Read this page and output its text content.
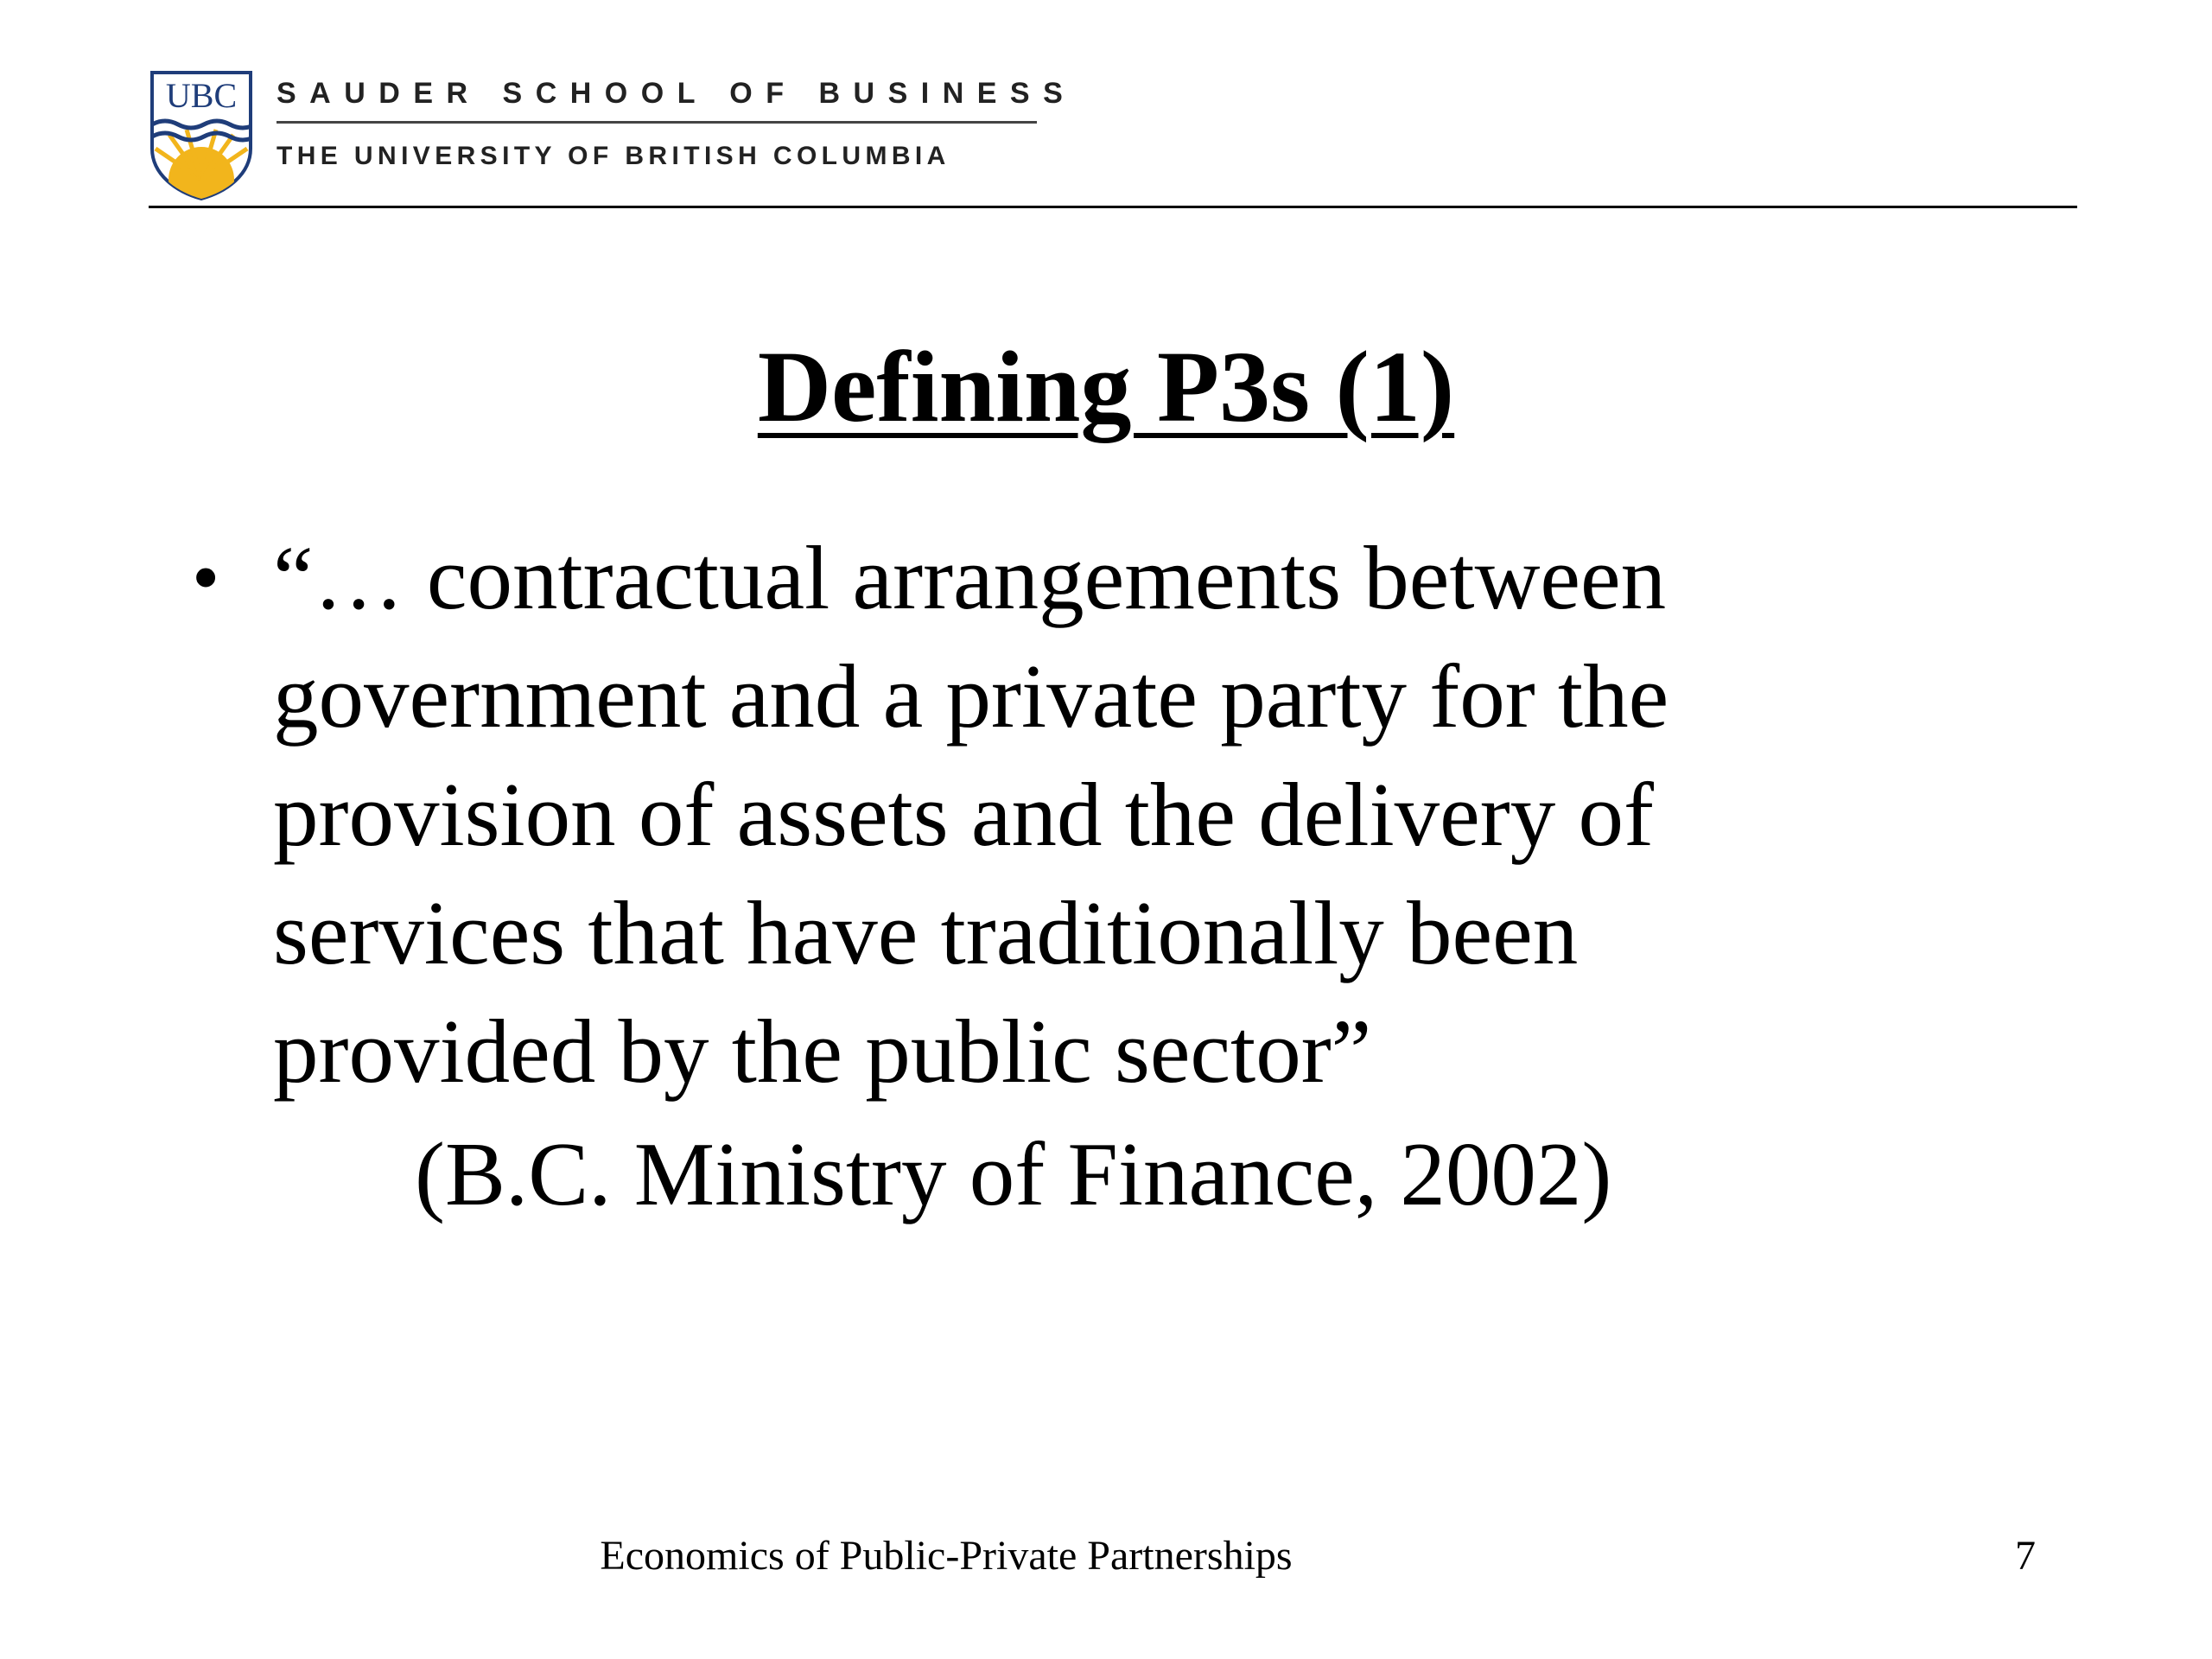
UBC SAUDER SCHOOL OF BUSINESS
THE UNIVERSITY OF BRITISH COLUMBIA
Defining P3s (1)
• “… contractual arrangements between
government and a private party for the
provision of assets and the delivery of
services that have traditionally been
provided by the public sector”
(B.C. Ministry of Finance, 2002)
Economics of Public-Private Partnerships	7
